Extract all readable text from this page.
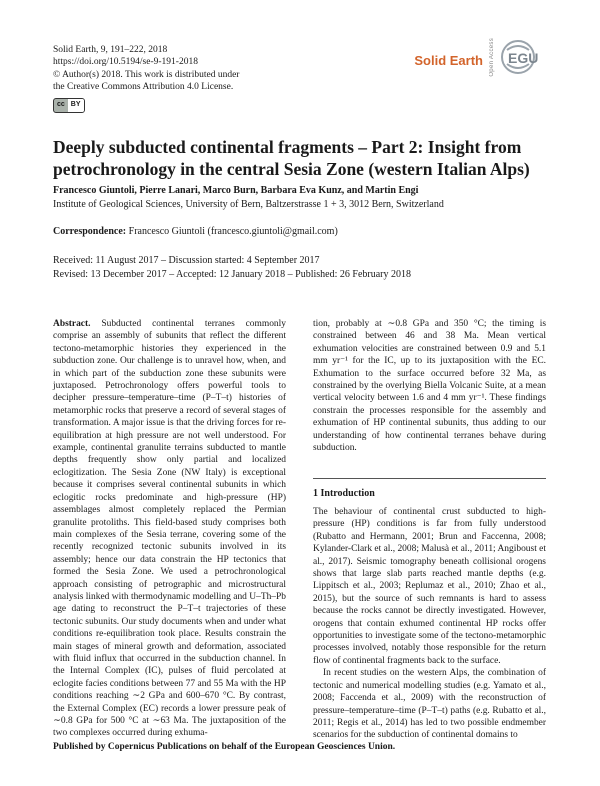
Solid Earth, 9, 191–222, 2018
https://doi.org/10.5194/se-9-191-2018
© Author(s) 2018. This work is distributed under
the Creative Commons Attribution 4.0 License.
cc BY
Solid Earth Open Access EGU
Deeply subducted continental fragments – Part 2: Insight from petrochronology in the central Sesia Zone (western Italian Alps)
Francesco Giuntoli, Pierre Lanari, Marco Burn, Barbara Eva Kunz, and Martin Engi
Institute of Geological Sciences, University of Bern, Baltzerstrasse 1 + 3, 3012 Bern, Switzerland
Correspondence: Francesco Giuntoli (francesco.giuntoli@gmail.com)
Received: 11 August 2017 – Discussion started: 4 September 2017
Revised: 13 December 2017 – Accepted: 12 January 2018 – Published: 26 February 2018

Abstract. Subducted continental terranes commonly comprise an assembly of subunits that reflect the different tectono-metamorphic histories they experienced in the subduction zone. Our challenge is to unravel how, when, and in which part of the subduction zone these subunits were juxtaposed. Petrochronology offers powerful tools to decipher pressure–temperature–time (P–T–t) histories of metamorphic rocks that preserve a record of several stages of transformation. A major issue is that the driving forces for re-equilibration at high pressure are not well understood. For example, continental granulite terrains subducted to mantle depths frequently show only partial and localized eclogitization. The Sesia Zone (NW Italy) is exceptional because it comprises several continental subunits in which eclogitic rocks predominate and high-pressure (HP) assemblages almost completely replaced the Permian granulite protoliths. This field-based study comprises both main complexes of the Sesia terrane, covering some of the recently recognized tectonic subunits involved in its assembly; hence our data constrain the HP tectonics that formed the Sesia Zone. We used a petrochronological approach consisting of petrographic and microstructural analysis linked with thermodynamic modelling and U–Th–Pb age dating to reconstruct the P–T–t trajectories of these tectonic subunits. Our study documents when and under what conditions re-equilibration took place. Results constrain the main stages of mineral growth and deformation, associated with fluid influx that occurred in the subduction channel. In the Internal Complex (IC), pulses of fluid percolated at eclogite facies conditions between 77 and 55 Ma with the HP conditions reaching ∼2 GPa and 600–670 °C. By contrast, the External Complex (EC) records a lower pressure peak of ∼0.8 GPa for 500 °C at ∼63 Ma. The juxtaposition of the two complexes occurred during exhuma-

tion, probably at ∼0.8 GPa and 350 °C; the timing is constrained between 46 and 38 Ma. Mean vertical exhumation velocities are constrained between 0.9 and 5.1 mm yr⁻¹ for the IC, up to its juxtaposition with the EC. Exhumation to the surface occurred before 32 Ma, as constrained by the overlying Biella Volcanic Suite, at a mean vertical velocity between 1.6 and 4 mm yr⁻¹. These findings constrain the processes responsible for the assembly and exhumation of HP continental subunits, thus adding to our understanding of how continental terranes behave during subduction.

1 Introduction

The behaviour of continental crust subducted to high-pressure (HP) conditions is far from fully understood (Rubatto and Hermann, 2001; Brun and Faccenna, 2008; Kylander-Clark et al., 2008; Malusà et al., 2011; Angiboust et al., 2017). Seismic tomography beneath collisional orogens shows that large slab parts reached mantle depths (e.g. Lippitsch et al., 2003; Replumaz et al., 2010; Zhao et al., 2015), but the source of such remnants is hard to assess because the rocks cannot be directly investigated. However, orogens that contain exhumed continental HP rocks offer opportunities to investigate some of the tectono-metamorphic processes involved, notably those responsible for the return flow of continental fragments back to the surface.

In recent studies on the western Alps, the combination of tectonic and numerical modelling studies (e.g. Yamato et al., 2008; Faccenda et al., 2009) with the reconstruction of pressure–temperature–time (P–T–t) paths (e.g. Rubatto et al., 2011; Regis et al., 2014) has led to two possible endmember scenarios for the subduction of continental domains to

Published by Copernicus Publications on behalf of the European Geosciences Union.
